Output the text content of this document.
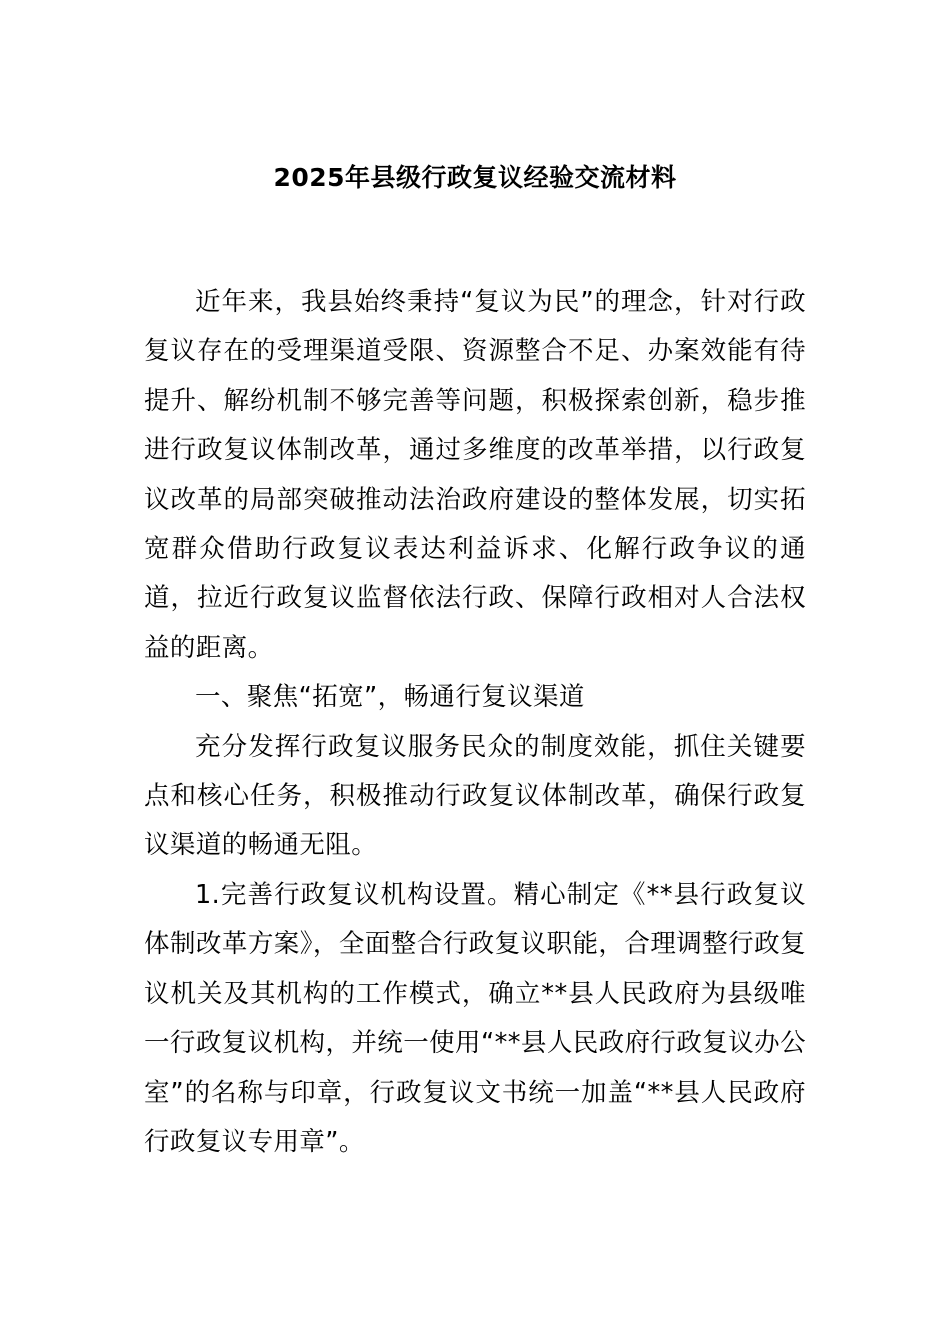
2025年县级行政复议经验交流材料

近年来，我县始终秉持“复议为民”的理念，针对行政复议存在的受理渠道受限、资源整合不足、办案效能有待提升、解纷机制不够完善等问题，积极探索创新，稳步推进行政复议体制改革，通过多维度的改革举措，以行政复议改革的局部突破推动法治政府建设的整体发展，切实拓宽群众借助行政复议表达利益诉求、化解行政争议的通道，拉近行政复议监督依法行政、保障行政相对人合法权益的距离。

一、聚焦“拓宽”，畅通行复议渠道

充分发挥行政复议服务民众的制度效能，抓住关键要点和核心任务，积极推动行政复议体制改革，确保行政复议渠道的畅通无阻。

1.完善行政复议机构设置。精心制定《**县行政复议体制改革方案》，全面整合行政复议职能，合理调整行政复议机关及其机构的工作模式，确立**县人民政府为县级唯一行政复议机构，并统一使用“**县人民政府行政复议办公室”的名称与印章，行政复议文书统一加盖“**县人民政府行政复议专用章”。
